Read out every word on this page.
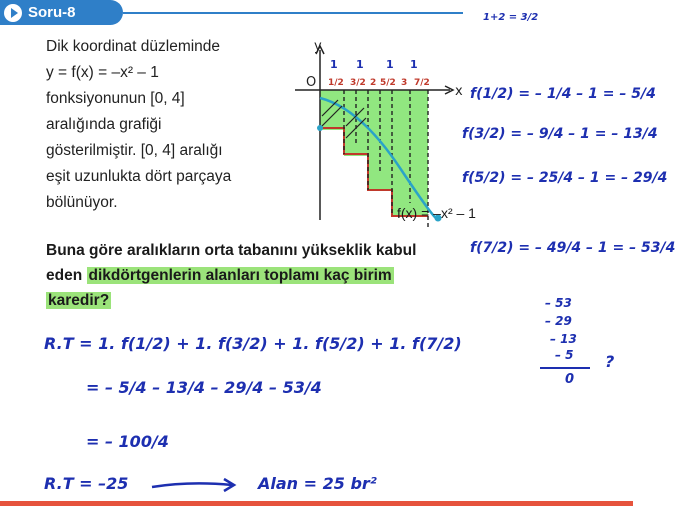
Soru-8
Dik koordinat düzleminde
y = f(x) = –x² – 1
fonksiyonunun [0, 4]
aralığında grafiği
gösterilmiştir. [0, 4] aralığı
eşit uzunlukta dört parçaya
bölünüyor.
y
x
O
1 1 1 1
1/2 3/2 2 5/2 3 7/2
f(x) = –x² – 1
Buna göre aralıkların orta tabanını yükseklik kabul
eden dikdörtgenlerin alanları toplamı kaç birim
karedir?
1+2 = 3/2
f(1/2) = – 1/4 – 1 = – 5/4
f(3/2) = – 9/4 – 1 = – 13/4
f(5/2) = – 25/4 – 1 = – 29/4
f(7/2) = – 49/4 – 1 = – 53/4
– 53
– 29
– 13
– 5
0
?
R.T = 1. f(1/2) + 1. f(3/2) + 1. f(5/2) + 1. f(7/2)
= – 5/4 – 13/4 – 29/4 – 53/4
= – 100/4
R.T = –25	Alan = 25 br²
